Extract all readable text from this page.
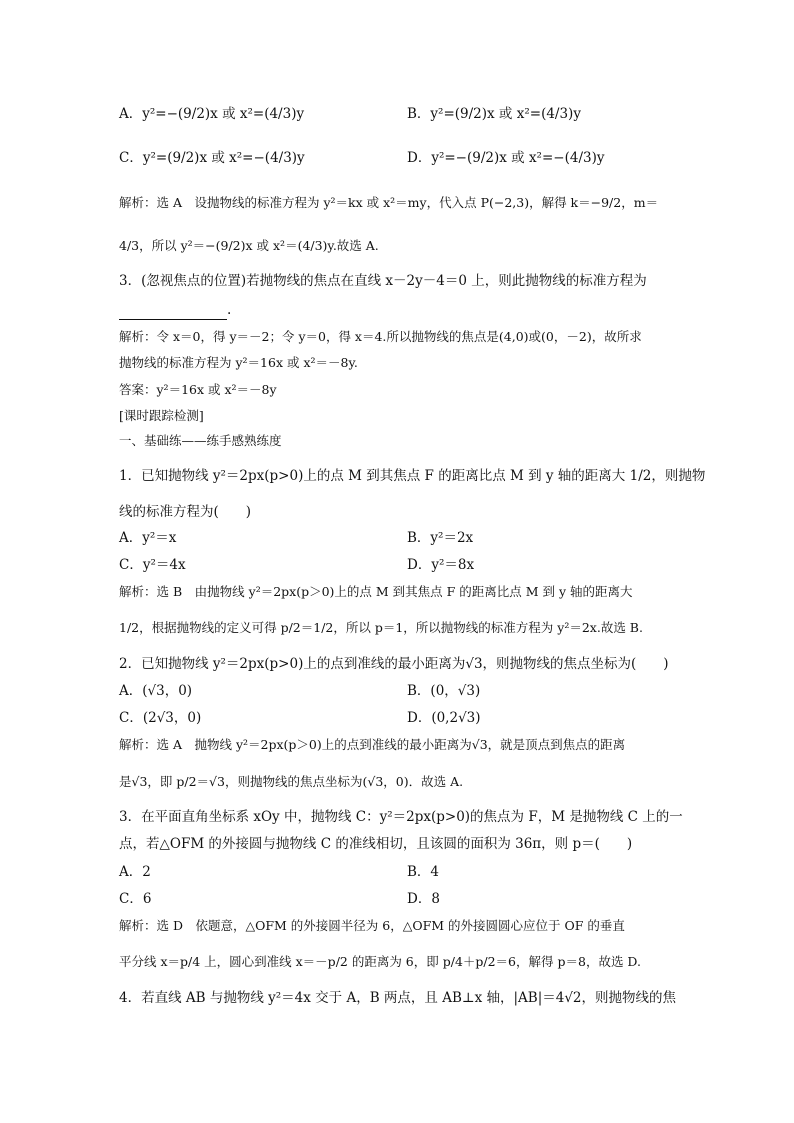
A．y²=−(9/2)x 或 x²=(4/3)y	B．y²=(9/2)x 或 x²=(4/3)y
C．y²=(9/2)x 或 x²=−(4/3)y	D．y²=−(9/2)x 或 x²=−(4/3)y
解析：选 A　设抛物线的标准方程为 y²＝kx 或 x²＝my，代入点 P(−2,3)，解得 k＝−9/2，m＝
4/3，所以 y²＝−(9/2)x 或 x²＝(4/3)y.故选 A.
3．(忽视焦点的位置)若抛物线的焦点在直线 x－2y－4＝0 上，则此抛物线的标准方程为
.
解析：令 x＝0，得 y＝－2；令 y＝0，得 x＝4.所以抛物线的焦点是(4,0)或(0，－2)，故所求
抛物线的标准方程为 y²＝16x 或 x²＝－8y.
答案：y²＝16x 或 x²＝－8y
[课时跟踪检测]
一、基础练——练手感熟练度
1．已知抛物线 y²＝2px(p>0)上的点 M 到其焦点 F 的距离比点 M 到 y 轴的距离大 1/2，则抛物
线的标准方程为(　　)
A．y²＝x	B．y²＝2x
C．y²＝4x	D．y²＝8x
解析：选 B　由抛物线 y²＝2px(p＞0)上的点 M 到其焦点 F 的距离比点 M 到 y 轴的距离大
1/2，根据抛物线的定义可得 p/2＝1/2，所以 p＝1，所以抛物线的标准方程为 y²＝2x.故选 B.
2．已知抛物线 y²＝2px(p>0)上的点到准线的最小距离为√3，则抛物线的焦点坐标为(　　)
A．(√3，0)	B．(0，√3)
C．(2√3，0)	D．(0,2√3)
解析：选 A　抛物线 y²＝2px(p＞0)上的点到准线的最小距离为√3，就是顶点到焦点的距离
是√3，即 p/2＝√3，则抛物线的焦点坐标为(√3，0)．故选 A.
3．在平面直角坐标系 xOy 中，抛物线 C：y²＝2px(p>0)的焦点为 F，M 是抛物线 C 上的一
点，若△OFM 的外接圆与抛物线 C 的准线相切，且该圆的面积为 36π，则 p＝(　　)
A．2	B．4
C．6	D．8
解析：选 D　依题意，△OFM 的外接圆半径为 6，△OFM 的外接圆圆心应位于 OF 的垂直
平分线 x＝p/4 上，圆心到准线 x＝－p/2 的距离为 6，即 p/4＋p/2＝6，解得 p＝8，故选 D.
4．若直线 AB 与抛物线 y²＝4x 交于 A，B 两点，且 AB⊥x 轴，|AB|＝4√2，则抛物线的焦
